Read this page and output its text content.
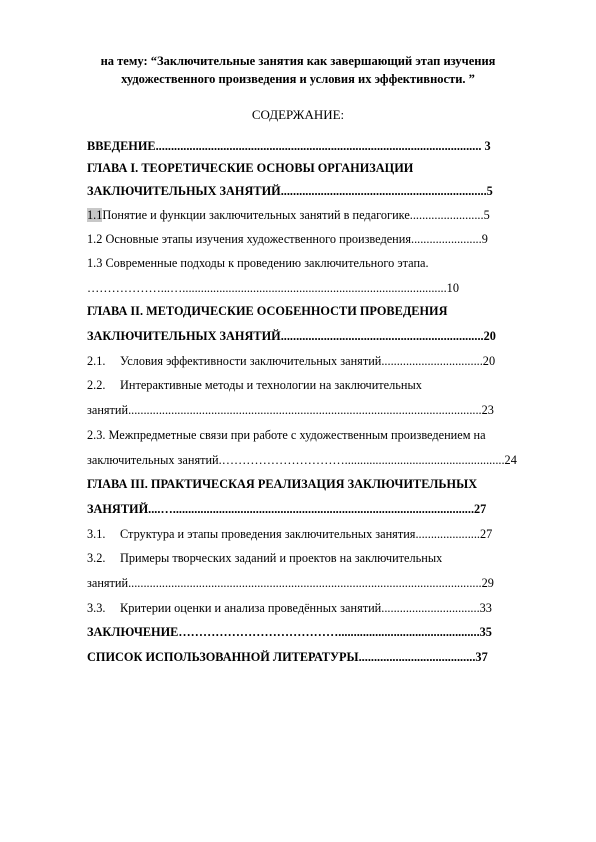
на тему: “Заключительные занятия как завершающий этап изучения
художественного произведения и условия их эффективности. ”
СОДЕРЖАНИЕ:
ВВЕДЕНИЕ.......................................................................................................... 3
ГЛАВА I. ТЕОРЕТИЧЕСКИЕ ОСНОВЫ ОРГАНИЗАЦИИ
ЗАКЛЮЧИТЕЛЬНЫХ ЗАНЯТИЙ...................................................................5
1.1Понятие и функции заключительных занятий в педагогике........................5
1.2 Основные этапы изучения художественного произведения.......................9
1.3 Современные подходы к проведению заключительного этапа.
………………...…......................................................................................10
ГЛАВА II. МЕТОДИЧЕСКИЕ ОСОБЕННОСТИ ПРОВЕДЕНИЯ
ЗАКЛЮЧИТЕЛЬНЫХ ЗАНЯТИЙ..................................................................20
2.1. Условия эффективности заключительных занятий.................................20
2.2. Интерактивные методы и технологии на заключительных
занятий...................................................................................................................23
2.3. Межпредметные связи при работе с художественным произведением на
заключительных занятий.…………………………....................................................24
ГЛАВА III. ПРАКТИЧЕСКАЯ РЕАЛИЗАЦИЯ ЗАКЛЮЧИТЕЛЬНЫХ
ЗАНЯТИЙ....…..................................................................................................27
3.1. Структура и этапы проведения заключительных занятия.....................27
3.2. Примеры творческих заданий и проектов на заключительных
занятий...................................................................................................................29
3.3. Критерии оценки и анализа проведённых занятий................................33
ЗАКЛЮЧЕНИЕ…………………………………..............................................35
СПИСОК ИСПОЛЬЗОВАННОЙ ЛИТЕРАТУРЫ......................................37
